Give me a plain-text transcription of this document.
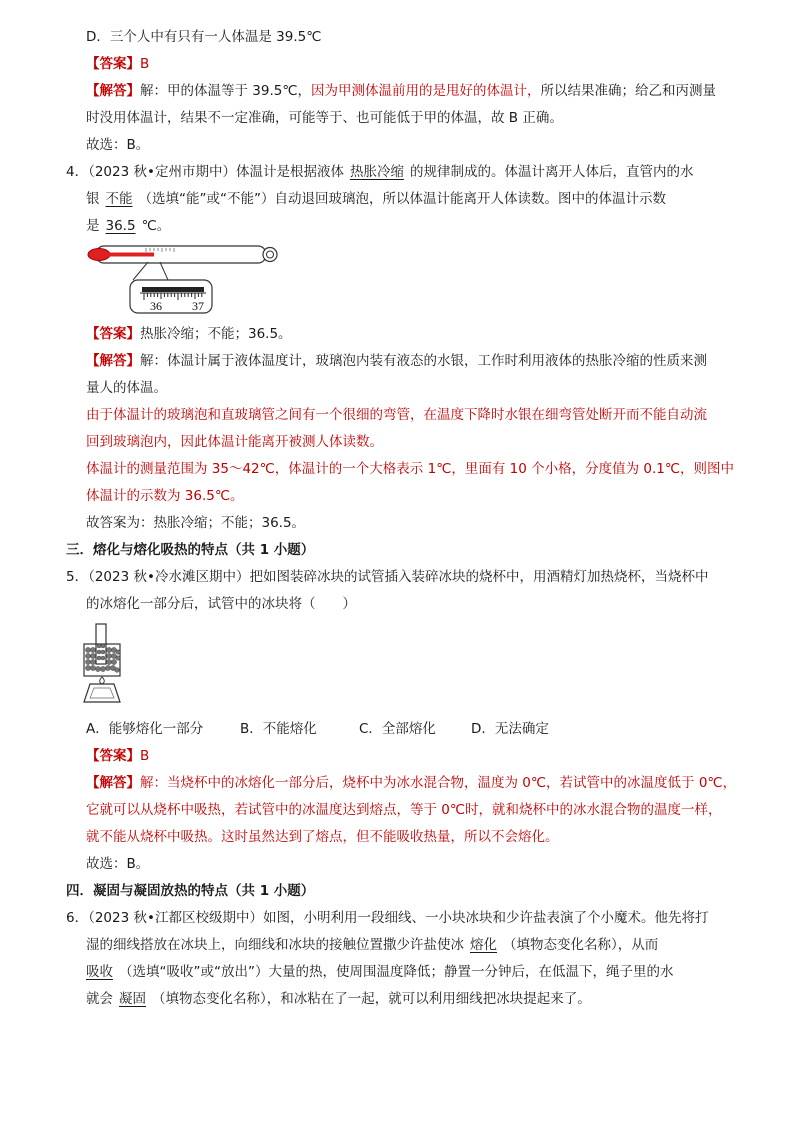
D．三个人中有只有一人体温是 39.5℃
【答案】B
【解答】解：甲的体温等于 39.5℃，因为甲测体温前用的是甩好的体温计，所以结果准确；给乙和丙测量
时没用体温计，结果不一定准确，可能等于、也可能低于甲的体温，故 B 正确。
故选：B。
4．（2023 秋•定州市期中）体温计是根据液体 热胀冷缩 的规律制成的。体温计离开人体后，直管内的水
银 不能 （选填“能”或“不能”）自动退回玻璃泡，所以体温计能离开人体读数。图中的体温计示数
是 36.5 ℃。
36	37
【答案】热胀冷缩；不能；36.5。
【解答】解：体温计属于液体温度计，玻璃泡内装有液态的水银，工作时利用液体的热胀冷缩的性质来测
量人的体温。
由于体温计的玻璃泡和直玻璃管之间有一个很细的弯管，在温度下降时水银在细弯管处断开而不能自动流
回到玻璃泡内，因此体温计能离开被测人体读数。
体温计的测量范围为 35～42℃，体温计的一个大格表示 1℃，里面有 10 个小格，分度值为 0.1℃，则图中
体温计的示数为 36.5℃。
故答案为：热胀冷缩；不能；36.5。
三．熔化与熔化吸热的特点（共 1 小题）
5．（2023 秋•冷水滩区期中）把如图装碎冰块的试管插入装碎冰块的烧杯中，用酒精灯加热烧杯，当烧杯中
的冰熔化一部分后，试管中的冰块将（　　）
A．能够熔化一部分	B．不能熔化	C．全部熔化	D．无法确定
【答案】B
【解答】解：当烧杯中的冰熔化一部分后，烧杯中为冰水混合物，温度为 0℃，若试管中的冰温度低于 0℃，
它就可以从烧杯中吸热，若试管中的冰温度达到熔点，等于 0℃时，就和烧杯中的冰水混合物的温度一样，
就不能从烧杯中吸热。这时虽然达到了熔点，但不能吸收热量，所以不会熔化。
故选：B。
四．凝固与凝固放热的特点（共 1 小题）
6．（2023 秋•江都区校级期中）如图，小明利用一段细线、一小块冰块和少许盐表演了个小魔术。他先将打
湿的细线搭放在冰块上，向细线和冰块的接触位置撒少许盐使冰 熔化 （填物态变化名称），从而
吸收 （选填“吸收”或“放出”）大量的热，使周围温度降低；静置一分钟后，在低温下，绳子里的水
就会 凝固 （填物态变化名称），和冰粘在了一起，就可以利用细线把冰块提起来了。
